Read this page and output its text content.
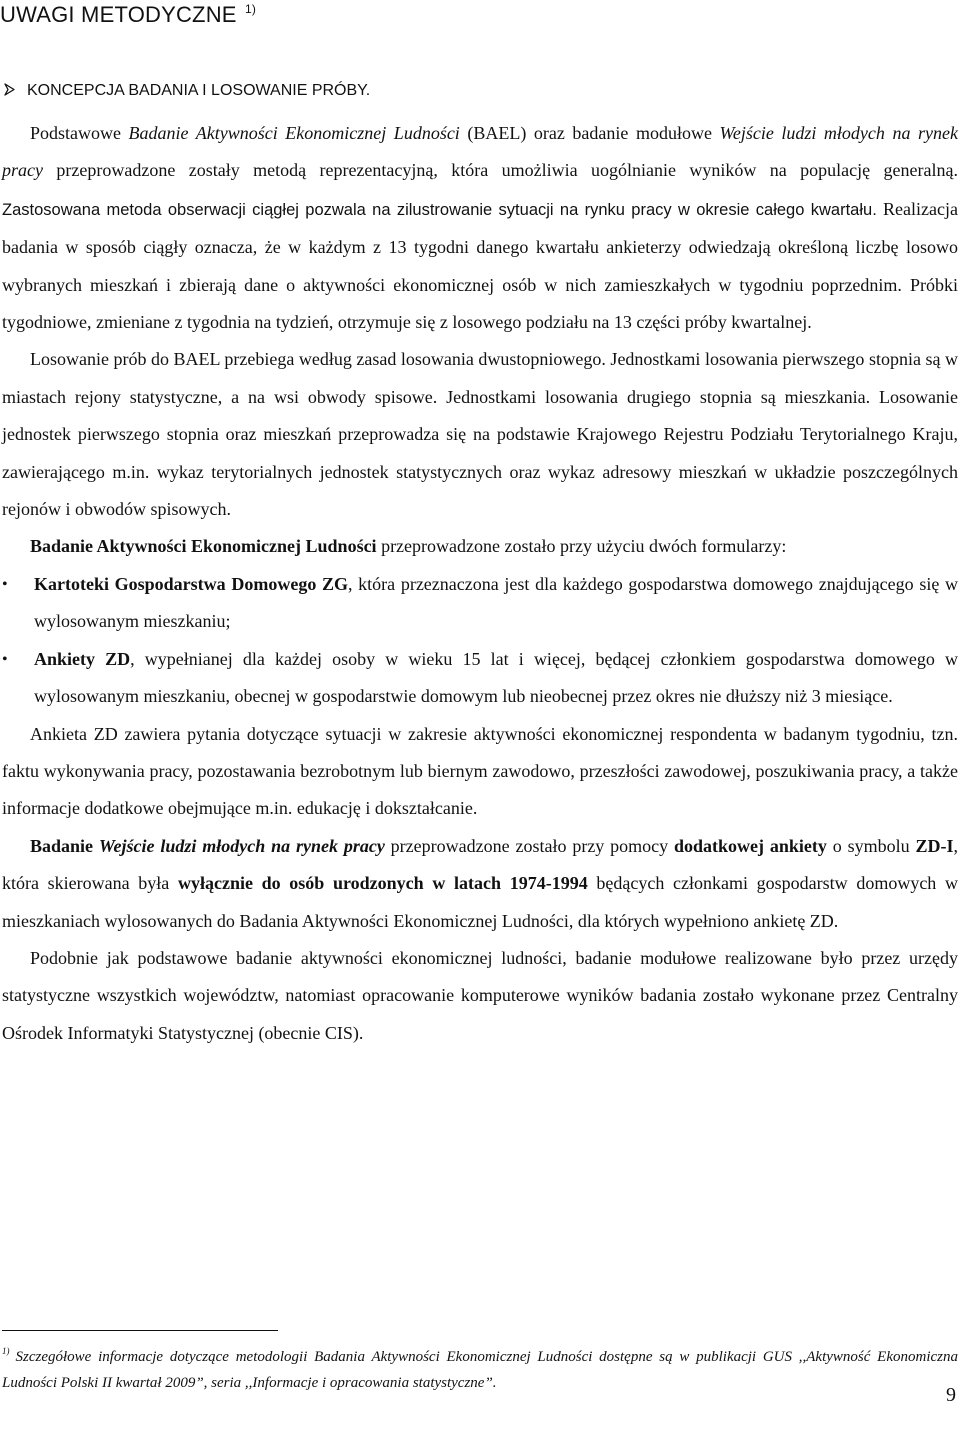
UWAGI METODYCZNE $^{1)}$
KONCEPCJA BADANIA I LOSOWANIE PRÓBY.

Podstawowe Badanie Aktywności Ekonomicznej Ludności (BAEL) oraz badanie modułowe Wejście ludzi młodych na rynek pracy przeprowadzone zostały metodą reprezentacyjną, która umożliwia uogólnianie wyników na populację generalną. Zastosowana metoda obserwacji ciągłej pozwala na zilustrowanie sytuacji na rynku pracy w okresie całego kwartału. Realizacja badania w sposób ciągły oznacza, że w każdym z 13 tygodni danego kwartału ankieterzy odwiedzają określoną liczbę losowo wybranych mieszkań i zbierają dane o aktywności ekonomicznej osób w nich zamieszkałych w tygodniu poprzednim. Próbki tygodniowe, zmieniane z tygodnia na tydzień, otrzymuje się z losowego podziału na 13 części próby kwartalnej.

Losowanie prób do BAEL przebiega według zasad losowania dwustopniowego. Jednostkami losowania pierwszego stopnia są w miastach rejony statystyczne, a na wsi obwody spisowe. Jednostkami losowania drugiego stopnia są mieszkania. Losowanie jednostek pierwszego stopnia oraz mieszkań przeprowadza się na podstawie Krajowego Rejestru Podziału Terytorialnego Kraju, zawierającego m.in. wykaz terytorialnych jednostek statystycznych oraz wykaz adresowy mieszkań w układzie poszczególnych rejonów i obwodów spisowych.

Badanie Aktywności Ekonomicznej Ludności przeprowadzone zostało przy użyciu dwóch formularzy:

•	Kartoteki Gospodarstwa Domowego ZG, która przeznaczona jest dla każdego gospodarstwa domowego znajdującego się w wylosowanym mieszkaniu;
•	Ankiety ZD, wypełnianej dla każdej osoby w wieku 15 lat i więcej, będącej członkiem gospodarstwa domowego w wylosowanym mieszkaniu, obecnej w gospodarstwie domowym lub nieobecnej przez okres nie dłuższy niż 3 miesiące.

Ankieta ZD zawiera pytania dotyczące sytuacji w zakresie aktywności ekonomicznej respondenta w badanym tygodniu, tzn. faktu wykonywania pracy, pozostawania bezrobotnym lub biernym zawodowo, przeszłości zawodowej, poszukiwania pracy, a także informacje dodatkowe obejmujące m.in. edukację i dokształcanie.

Badanie Wejście ludzi młodych na rynek pracy przeprowadzone zostało przy pomocy dodatkowej ankiety o symbolu ZD-I, która skierowana była wyłącznie do osób urodzonych w latach 1974-1994 będących członkami gospodarstw domowych w mieszkaniach wylosowanych do Badania Aktywności Ekonomicznej Ludności, dla których wypełniono ankietę ZD.

Podobnie jak podstawowe badanie aktywności ekonomicznej ludności, badanie modułowe realizowane było przez urzędy statystyczne wszystkich województw, natomiast opracowanie komputerowe wyników badania zostało wykonane przez Centralny Ośrodek Informatyki Statystycznej (obecnie CIS).

$^{1)}$ Szczegółowe informacje dotyczące metodologii Badania Aktywności Ekonomicznej Ludności dostępne są w publikacji GUS ,,Aktywność Ekonomiczna Ludności Polski II kwartał 2009”, seria ,,Informacje i opracowania statystyczne”.

9
